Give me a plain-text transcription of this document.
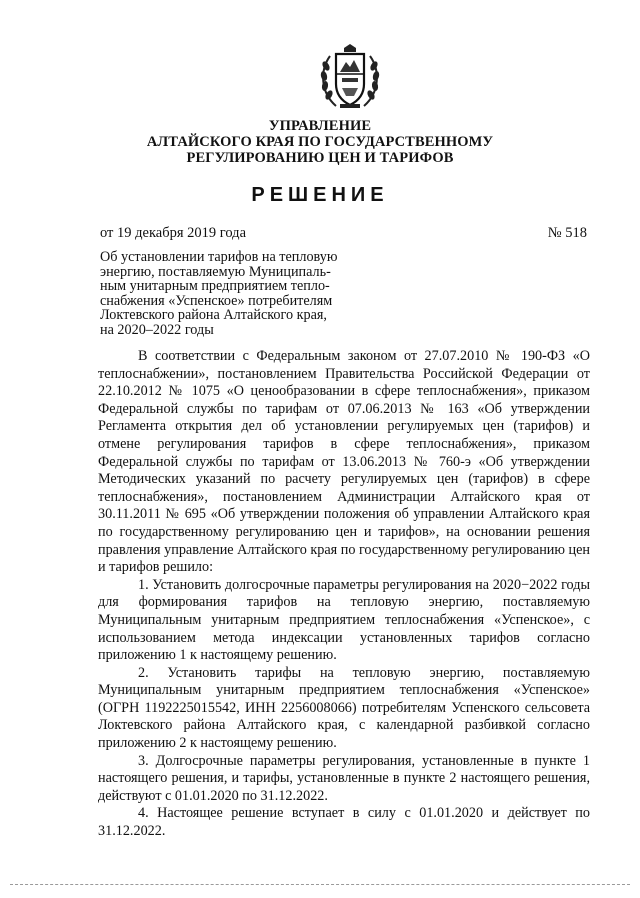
УПРАВЛЕНИЕ
АЛТАЙСКОГО КРАЯ ПО ГОСУДАРСТВЕННОМУ
РЕГУЛИРОВАНИЮ ЦЕН И ТАРИФОВ
РЕШЕНИЕ
от 19 декабря 2019 года	№ 518
Об установлении тарифов на тепловую
энергию, поставляемую Муниципаль-
ным унитарным предприятием тепло-
снабжения «Успенское» потребителям
Локтевского района Алтайского края,
на 2020–2022 годы

В соответствии с Федеральным законом от 27.07.2010 № 190-ФЗ «О теплоснабжении», постановлением Правительства Российской Федерации от 22.10.2012 № 1075 «О ценообразовании в сфере теплоснабжения», приказом Федеральной службы по тарифам от 07.06.2013 № 163 «Об утверждении Регламента открытия дел об установлении регулируемых цен (тарифов) и отмене регулирования тарифов в сфере теплоснабжения», приказом Федеральной службы по тарифам от 13.06.2013 № 760-э «Об утверждении Методических указаний по расчету регулируемых цен (тарифов) в сфере теплоснабжения», постановлением Администрации Алтайского края от 30.11.2011 № 695 «Об утверждении положения об управлении Алтайского края по государственному регулированию цен и тарифов», на основании решения правления управление Алтайского края по государственному регулированию цен и тарифов решило:

1. Установить долгосрочные параметры регулирования на 2020−2022 годы для формирования тарифов на тепловую энергию, поставляемую Муниципальным унитарным предприятием теплоснабжения «Успенское», с использованием метода индексации установленных тарифов согласно приложению 1 к настоящему решению.

2. Установить тарифы на тепловую энергию, поставляемую Муниципальным унитарным предприятием теплоснабжения «Успенское» (ОГРН 1192225015542, ИНН 2256008066) потребителям Успенского сельсовета Локтевского района Алтайского края, с календарной разбивкой согласно приложению 2 к настоящему решению.

3. Долгосрочные параметры регулирования, установленные в пункте 1 настоящего решения, и тарифы, установленные в пункте 2 настоящего решения, действуют с 01.01.2020 по 31.12.2022.

4. Настоящее решение вступает в силу с 01.01.2020 и действует по 31.12.2022.
